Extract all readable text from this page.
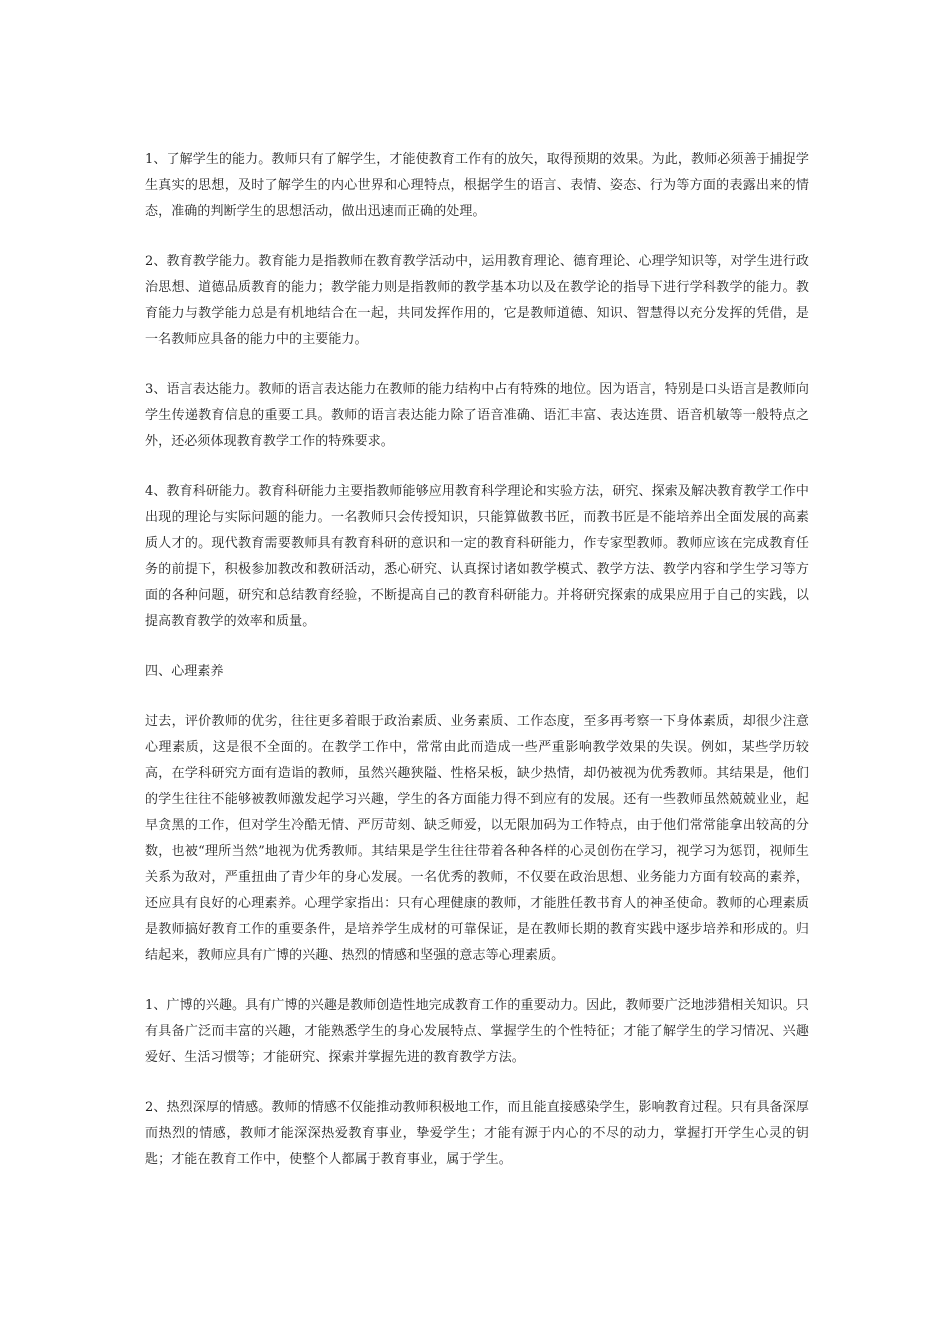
1、了解学生的能力。教师只有了解学生，才能使教育工作有的放矢，取得预期的效果。为此，教师必须善于捕捉学生真实的思想，及时了解学生的内心世界和心理特点，根据学生的语言、表情、姿态、行为等方面的表露出来的情态，准确的判断学生的思想活动，做出迅速而正确的处理。

2、教育教学能力。教育能力是指教师在教育教学活动中，运用教育理论、德育理论、心理学知识等，对学生进行政治思想、道德品质教育的能力；教学能力则是指教师的教学基本功以及在教学论的指导下进行学科教学的能力。教育能力与教学能力总是有机地结合在一起，共同发挥作用的，它是教师道德、知识、智慧得以充分发挥的凭借，是一名教师应具备的能力中的主要能力。

3、语言表达能力。教师的语言表达能力在教师的能力结构中占有特殊的地位。因为语言，特别是口头语言是教师向学生传递教育信息的重要工具。教师的语言表达能力除了语音准确、语汇丰富、表达连贯、语音机敏等一般特点之外，还必须体现教育教学工作的特殊要求。

4、教育科研能力。教育科研能力主要指教师能够应用教育科学理论和实验方法，研究、探索及解决教育教学工作中出现的理论与实际问题的能力。一名教师只会传授知识，只能算做教书匠，而教书匠是不能培养出全面发展的高素质人才的。现代教育需要教师具有教育科研的意识和一定的教育科研能力，作专家型教师。教师应该在完成教育任务的前提下，积极参加教改和教研活动，悉心研究、认真探讨诸如教学模式、教学方法、教学内容和学生学习等方面的各种问题，研究和总结教育经验，不断提高自己的教育科研能力。并将研究探索的成果应用于自己的实践，以提高教育教学的效率和质量。

四、心理素养

过去，评价教师的优劣，往往更多着眼于政治素质、业务素质、工作态度，至多再考察一下身体素质，却很少注意心理素质，这是很不全面的。在教学工作中，常常由此而造成一些严重影响教学效果的失误。例如，某些学历较高，在学科研究方面有造诣的教师，虽然兴趣狭隘、性格呆板，缺少热情，却仍被视为优秀教师。其结果是，他们的学生往往不能够被教师激发起学习兴趣，学生的各方面能力得不到应有的发展。还有一些教师虽然兢兢业业，起早贪黑的工作，但对学生冷酷无情、严厉苛刻、缺乏师爱，以无限加码为工作特点，由于他们常常能拿出较高的分数，也被“理所当然”地视为优秀教师。其结果是学生往往带着各种各样的心灵创伤在学习，视学习为惩罚，视师生关系为敌对，严重扭曲了青少年的身心发展。一名优秀的教师，不仅要在政治思想、业务能力方面有较高的素养，还应具有良好的心理素养。心理学家指出：只有心理健康的教师，才能胜任教书育人的神圣使命。教师的心理素质是教师搞好教育工作的重要条件，是培养学生成材的可靠保证，是在教师长期的教育实践中逐步培养和形成的。归结起来，教师应具有广博的兴趣、热烈的情感和坚强的意志等心理素质。

1、广博的兴趣。具有广博的兴趣是教师创造性地完成教育工作的重要动力。因此，教师要广泛地涉猎相关知识。只有具备广泛而丰富的兴趣，才能熟悉学生的身心发展特点、掌握学生的个性特征；才能了解学生的学习情况、兴趣爱好、生活习惯等；才能研究、探索并掌握先进的教育教学方法。

2、热烈深厚的情感。教师的情感不仅能推动教师积极地工作，而且能直接感染学生，影响教育过程。只有具备深厚而热烈的情感，教师才能深深热爱教育事业，挚爱学生；才能有源于内心的不尽的动力，掌握打开学生心灵的钥匙；才能在教育工作中，使整个人都属于教育事业，属于学生。
